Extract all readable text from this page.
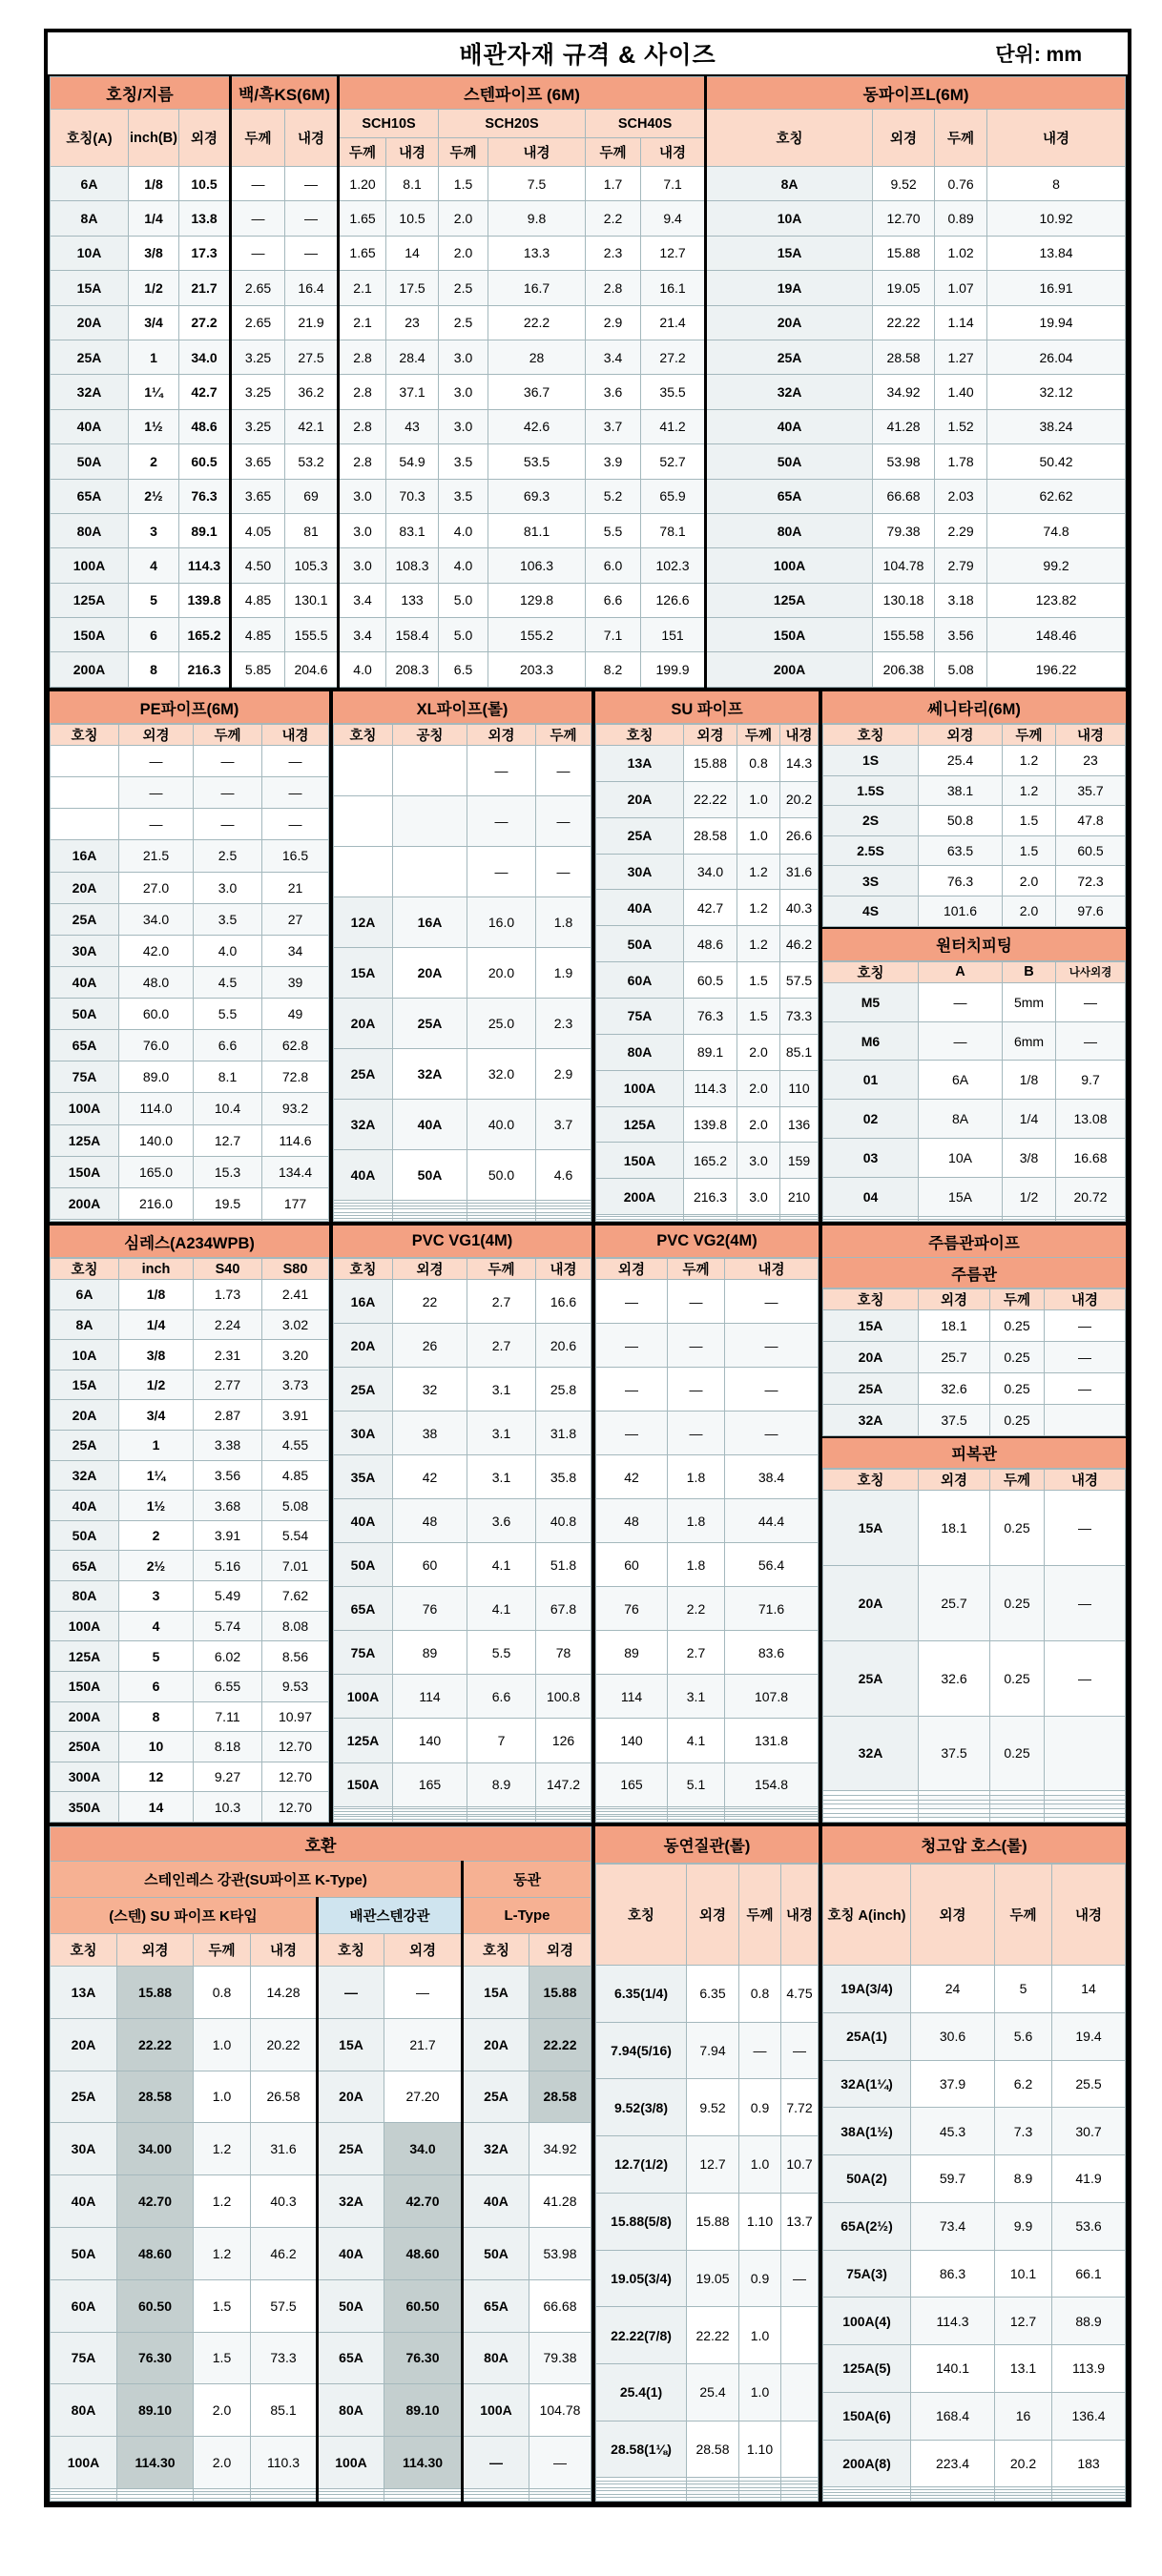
배관자재 규격 & 사이즈	단위: mm
호칭/지름			백/흑KS(6M)		스텐파이프 (6M)						동파이프L(6M)			
호칭(A)	inch(B)	외경	두께	내경	SCH10S		SCH20S		SCH40S		호칭	외경	두께	내경
					두께	내경	두께	내경	두께	내경				
6A	1/8	10.5	—	—	1.20	8.1	1.5	7.5	1.7	7.1	8A	9.52	0.76	8
8A	1/4	13.8	—	—	1.65	10.5	2.0	9.8	2.2	9.4	10A	12.70	0.89	10.92
10A	3/8	17.3	—	—	1.65	14	2.0	13.3	2.3	12.7	15A	15.88	1.02	13.84
15A	1/2	21.7	2.65	16.4	2.1	17.5	2.5	16.7	2.8	16.1	19A	19.05	1.07	16.91
20A	3/4	27.2	2.65	21.9	2.1	23	2.5	22.2	2.9	21.4	20A	22.22	1.14	19.94
25A	1	34.0	3.25	27.5	2.8	28.4	3.0	28	3.4	27.2	25A	28.58	1.27	26.04
32A	1¼	42.7	3.25	36.2	2.8	37.1	3.0	36.7	3.6	35.5	32A	34.92	1.40	32.12
40A	1½	48.6	3.25	42.1	2.8	43	3.0	42.6	3.7	41.2	40A	41.28	1.52	38.24
50A	2	60.5	3.65	53.2	2.8	54.9	3.5	53.5	3.9	52.7	50A	53.98	1.78	50.42
65A	2½	76.3	3.65	69	3.0	70.3	3.5	69.3	5.2	65.9	65A	66.68	2.03	62.62
80A	3	89.1	4.05	81	3.0	83.1	4.0	81.1	5.5	78.1	80A	79.38	2.29	74.8
100A	4	114.3	4.50	105.3	3.0	108.3	4.0	106.3	6.0	102.3	100A	104.78	2.79	99.2
125A	5	139.8	4.85	130.1	3.4	133	5.0	129.8	6.6	126.6	125A	130.18	3.18	123.82
150A	6	165.2	4.85	155.5	3.4	158.4	5.0	155.2	7.1	151	150A	155.58	3.56	148.46
200A	8	216.3	5.85	204.6	4.0	208.3	6.5	203.3	8.2	199.9	200A	206.38	5.08	196.22
PE파이프(6M)
호칭	외경	두께	내경
	—	—	—
	—	—	—
	—	—	—
16A	21.5	2.5	16.5
20A	27.0	3.0	21
25A	34.0	3.5	27
30A	42.0	4.0	34
40A	48.0	4.5	39
50A	60.0	5.5	49
65A	76.0	6.6	62.8
75A	89.0	8.1	72.8
100A	114.0	10.4	93.2
125A	140.0	12.7	114.6
150A	165.0	15.3	134.4
200A	216.0	19.5	177

XL파이프(롤)
호칭	공칭	외경	두께
		—	—
		—	—
		—	—
12A	16A	16.0	1.8
15A	20A	20.0	1.9
20A	25A	25.0	2.3
25A	32A	32.0	2.9
32A	40A	40.0	3.7
40A	50A	50.0	4.6

SU 파이프
호칭	외경	두께	내경
13A	15.88	0.8	14.3
20A	22.22	1.0	20.2
25A	28.58	1.0	26.6
30A	34.0	1.2	31.6
40A	42.7	1.2	40.3
50A	48.6	1.2	46.2
60A	60.5	1.5	57.5
75A	76.3	1.5	73.3
80A	89.1	2.0	85.1
100A	114.3	2.0	110
125A	139.8	2.0	136
150A	165.2	3.0	159
200A	216.3	3.0	210

쎄니타리(6M)
호칭	외경	두께	내경
1S	25.4	1.2	23
1.5S	38.1	1.2	35.7
2S	50.8	1.5	47.8
2.5S	63.5	1.5	60.5
3S	76.3	2.0	72.3
4S	101.6	2.0	97.6
원터치피팅
호칭	A	B	나사외경
M5	—	5mm	—
M6	—	6mm	—
01	6A	1/8	9.7
02	8A	1/4	13.08
03	10A	3/8	16.68
04	15A	1/2	20.72

심레스(A234WPB)
호칭	inch	S40	S80
6A	1/8	1.73	2.41
8A	1/4	2.24	3.02
10A	3/8	2.31	3.20
15A	1/2	2.77	3.73
20A	3/4	2.87	3.91
25A	1	3.38	4.55
32A	1¼	3.56	4.85
40A	1½	3.68	5.08
50A	2	3.91	5.54
65A	2½	5.16	7.01
80A	3	5.49	7.62
100A	4	5.74	8.08
125A	5	6.02	8.56
150A	6	6.55	9.53
200A	8	7.11	10.97
250A	10	8.18	12.70
300A	12	9.27	12.70
350A	14	10.3	12.70
PVC VG1(4M)
호칭	외경	두께	내경
16A	22	2.7	16.6
20A	26	2.7	20.6
25A	32	3.1	25.8
30A	38	3.1	31.8
35A	42	3.1	35.8
40A	48	3.6	40.8
50A	60	4.1	51.8
65A	76	4.1	67.8
75A	89	5.5	78
100A	114	6.6	100.8
125A	140	7	126
150A	165	8.9	147.2

PVC VG2(4M)
외경	두께	내경
—	—	—
—	—	—
—	—	—
—	—	—
42	1.8	38.4
48	1.8	44.4
60	1.8	56.4
76	2.2	71.6
89	2.7	83.6
114	3.1	107.8
140	4.1	131.8
165	5.1	154.8

주름관파이프
주름관
호칭	외경	두께	내경
15A	18.1	0.25	—
20A	25.7	0.25	—
25A	32.6	0.25	—
32A	37.5	0.25	
피복관
호칭	외경	두께	내경
15A	18.1	0.25	—
20A	25.7	0.25	—
25A	32.6	0.25	—
32A	37.5	0.25	

호환							
스테인레스 강관(SU파이프 K-Type)						동관	
(스텐) SU 파이프 K타입				배관스텐강관		L-Type	
호칭	외경	두께	내경	호칭	외경	호칭	외경
13A	15.88	0.8	14.28	—	—	15A	15.88
20A	22.22	1.0	20.22	15A	21.7	20A	22.22
25A	28.58	1.0	26.58	20A	27.20	25A	28.58
30A	34.00	1.2	31.6	25A	34.0	32A	34.92
40A	42.70	1.2	40.3	32A	42.70	40A	41.28
50A	48.60	1.2	46.2	40A	48.60	50A	53.98
60A	60.50	1.5	57.5	50A	60.50	65A	66.68
75A	76.30	1.5	73.3	65A	76.30	80A	79.38
80A	89.10	2.0	85.1	80A	89.10	100A	104.78
100A	114.30	2.0	110.3	100A	114.30	—	—

동연질관(롤)
호칭	외경	두께	내경
6.35(1/4)	6.35	0.8	4.75
7.94(5/16)	7.94	—	—
9.52(3/8)	9.52	0.9	7.72
12.7(1/2)	12.7	1.0	10.7
15.88(5/8)	15.88	1.10	13.7
19.05(3/4)	19.05	0.9	—
22.22(7/8)	22.22	1.0	
25.4(1)	25.4	1.0	
28.58(1⅛)	28.58	1.10	

청고압 호스(롤)
호칭 A(inch)	외경	두께	내경
19A(3/4)	24	5	14
25A(1)	30.6	5.6	19.4
32A(1¼)	37.9	6.2	25.5
38A(1½)	45.3	7.3	30.7
50A(2)	59.7	8.9	41.9
65A(2½)	73.4	9.9	53.6
75A(3)	86.3	10.1	66.1
100A(4)	114.3	12.7	88.9
125A(5)	140.1	13.1	113.9
150A(6)	168.4	16	136.4
200A(8)	223.4	20.2	183
